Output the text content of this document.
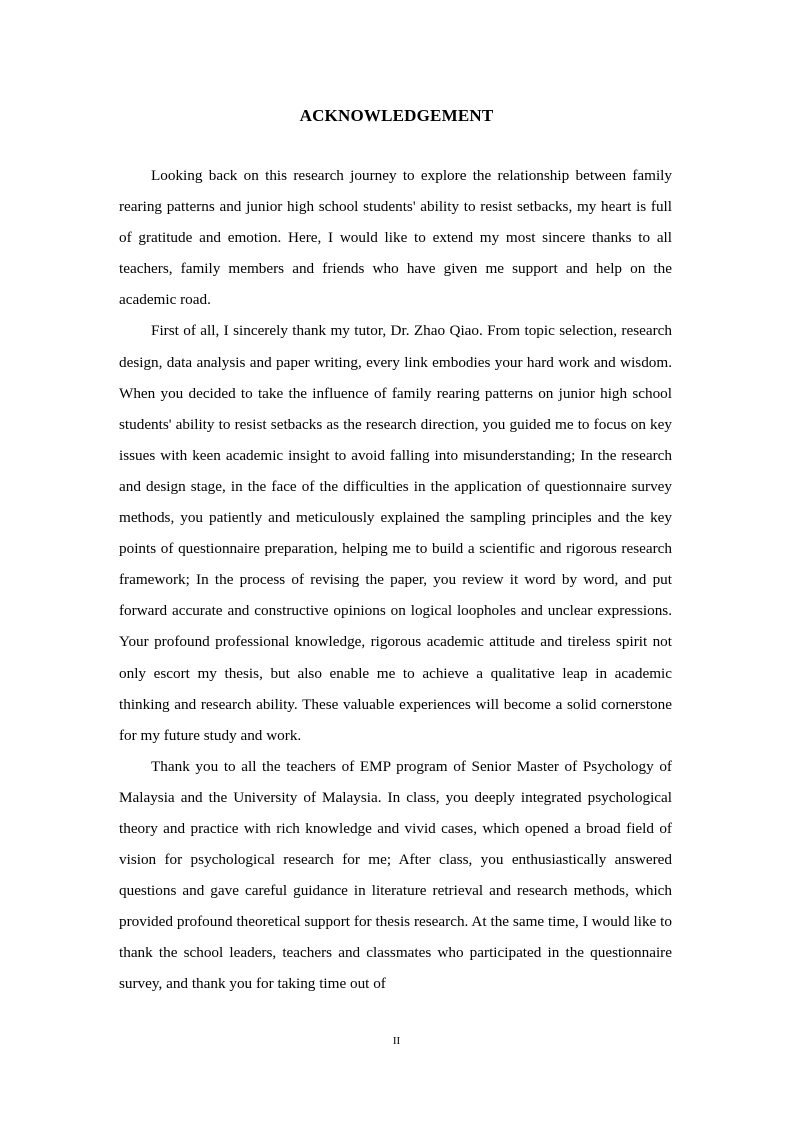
ACKNOWLEDGEMENT

Looking back on this research journey to explore the relationship between family rearing patterns and junior high school students' ability to resist setbacks, my heart is full of gratitude and emotion. Here, I would like to extend my most sincere thanks to all teachers, family members and friends who have given me support and help on the academic road.

First of all, I sincerely thank my tutor, Dr. Zhao Qiao. From topic selection, research design, data analysis and paper writing, every link embodies your hard work and wisdom. When you decided to take the influence of family rearing patterns on junior high school students' ability to resist setbacks as the research direction, you guided me to focus on key issues with keen academic insight to avoid falling into misunderstanding; In the research and design stage, in the face of the difficulties in the application of questionnaire survey methods, you patiently and meticulously explained the sampling principles and the key points of questionnaire preparation, helping me to build a scientific and rigorous research framework; In the process of revising the paper, you review it word by word, and put forward accurate and constructive opinions on logical loopholes and unclear expressions. Your profound professional knowledge, rigorous academic attitude and tireless spirit not only escort my thesis, but also enable me to achieve a qualitative leap in academic thinking and research ability. These valuable experiences will become a solid cornerstone for my future study and work.

Thank you to all the teachers of EMP program of Senior Master of Psychology of Malaysia and the University of Malaysia. In class, you deeply integrated psychological theory and practice with rich knowledge and vivid cases, which opened a broad field of vision for psychological research for me; After class, you enthusiastically answered questions and gave careful guidance in literature retrieval and research methods, which provided profound theoretical support for thesis research. At the same time, I would like to thank the school leaders, teachers and classmates who participated in the questionnaire survey, and thank you for taking time out of

II
